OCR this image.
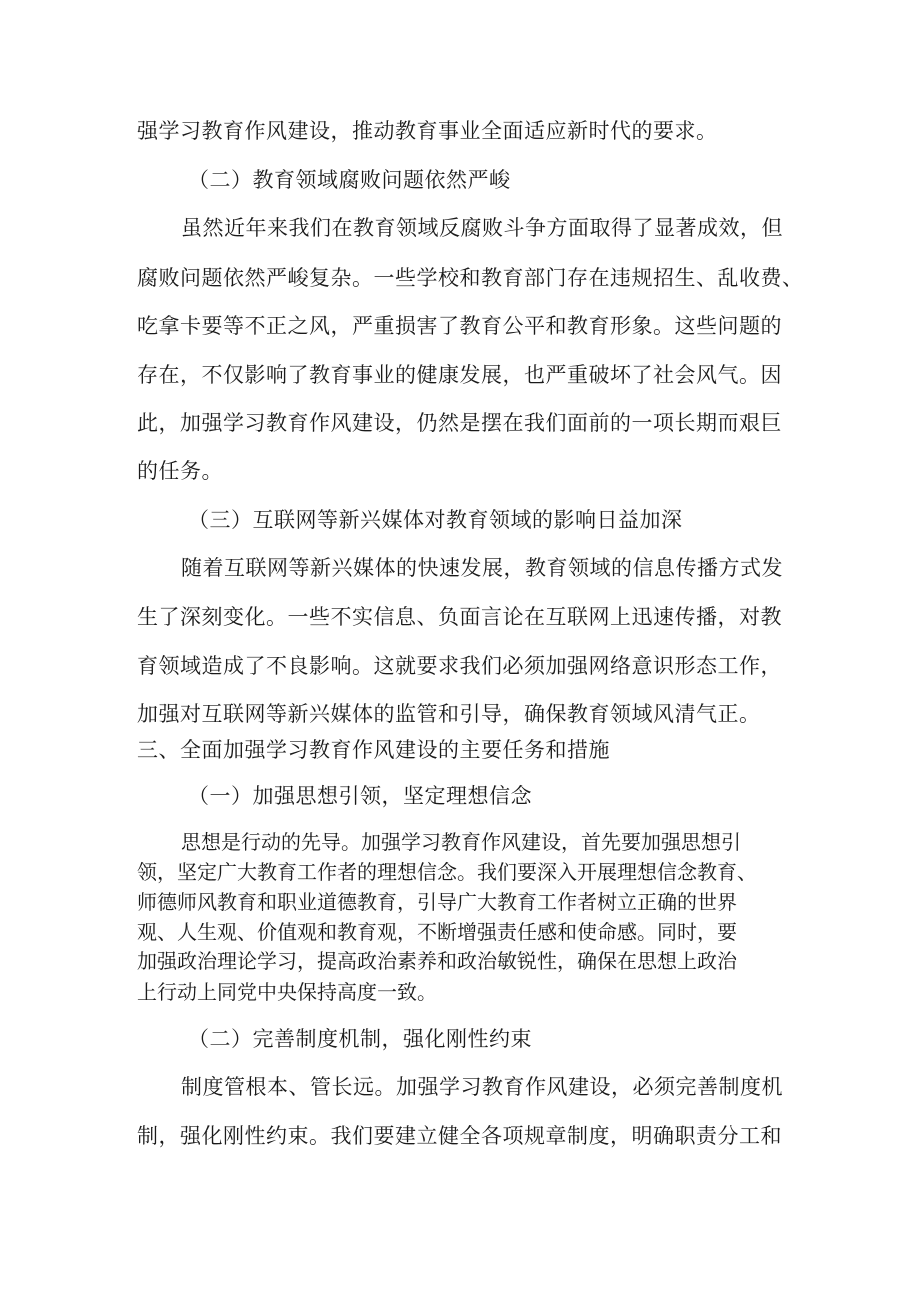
强学习教育作风建设，推动教育事业全面适应新时代的要求。

（二）教育领域腐败问题依然严峻

虽然近年来我们在教育领域反腐败斗争方面取得了显著成效，但

腐败问题依然严峻复杂。一些学校和教育部门存在违规招生、乱收费、

吃拿卡要等不正之风，严重损害了教育公平和教育形象。这些问题的

存在，不仅影响了教育事业的健康发展，也严重破坏了社会风气。因

此，加强学习教育作风建设，仍然是摆在我们面前的一项长期而艰巨

的任务。

（三）互联网等新兴媒体对教育领域的影响日益加深

随着互联网等新兴媒体的快速发展，教育领域的信息传播方式发

生了深刻变化。一些不实信息、负面言论在互联网上迅速传播，对教

育领域造成了不良影响。这就要求我们必须加强网络意识形态工作，

加强对互联网等新兴媒体的监管和引导，确保教育领域风清气正。

三、全面加强学习教育作风建设的主要任务和措施

（一）加强思想引领，坚定理想信念

思想是行动的先导。加强学习教育作风建设，首先要加强思想引

领，坚定广大教育工作者的理想信念。我们要深入开展理想信念教育、

师德师风教育和职业道德教育，引导广大教育工作者树立正确的世界

观、人生观、价值观和教育观，不断增强责任感和使命感。同时，要

加强政治理论学习，提高政治素养和政治敏锐性，确保在思想上政治

上行动上同党中央保持高度一致。

（二）完善制度机制，强化刚性约束

制度管根本、管长远。加强学习教育作风建设，必须完善制度机

制，强化刚性约束。我们要建立健全各项规章制度，明确职责分工和
